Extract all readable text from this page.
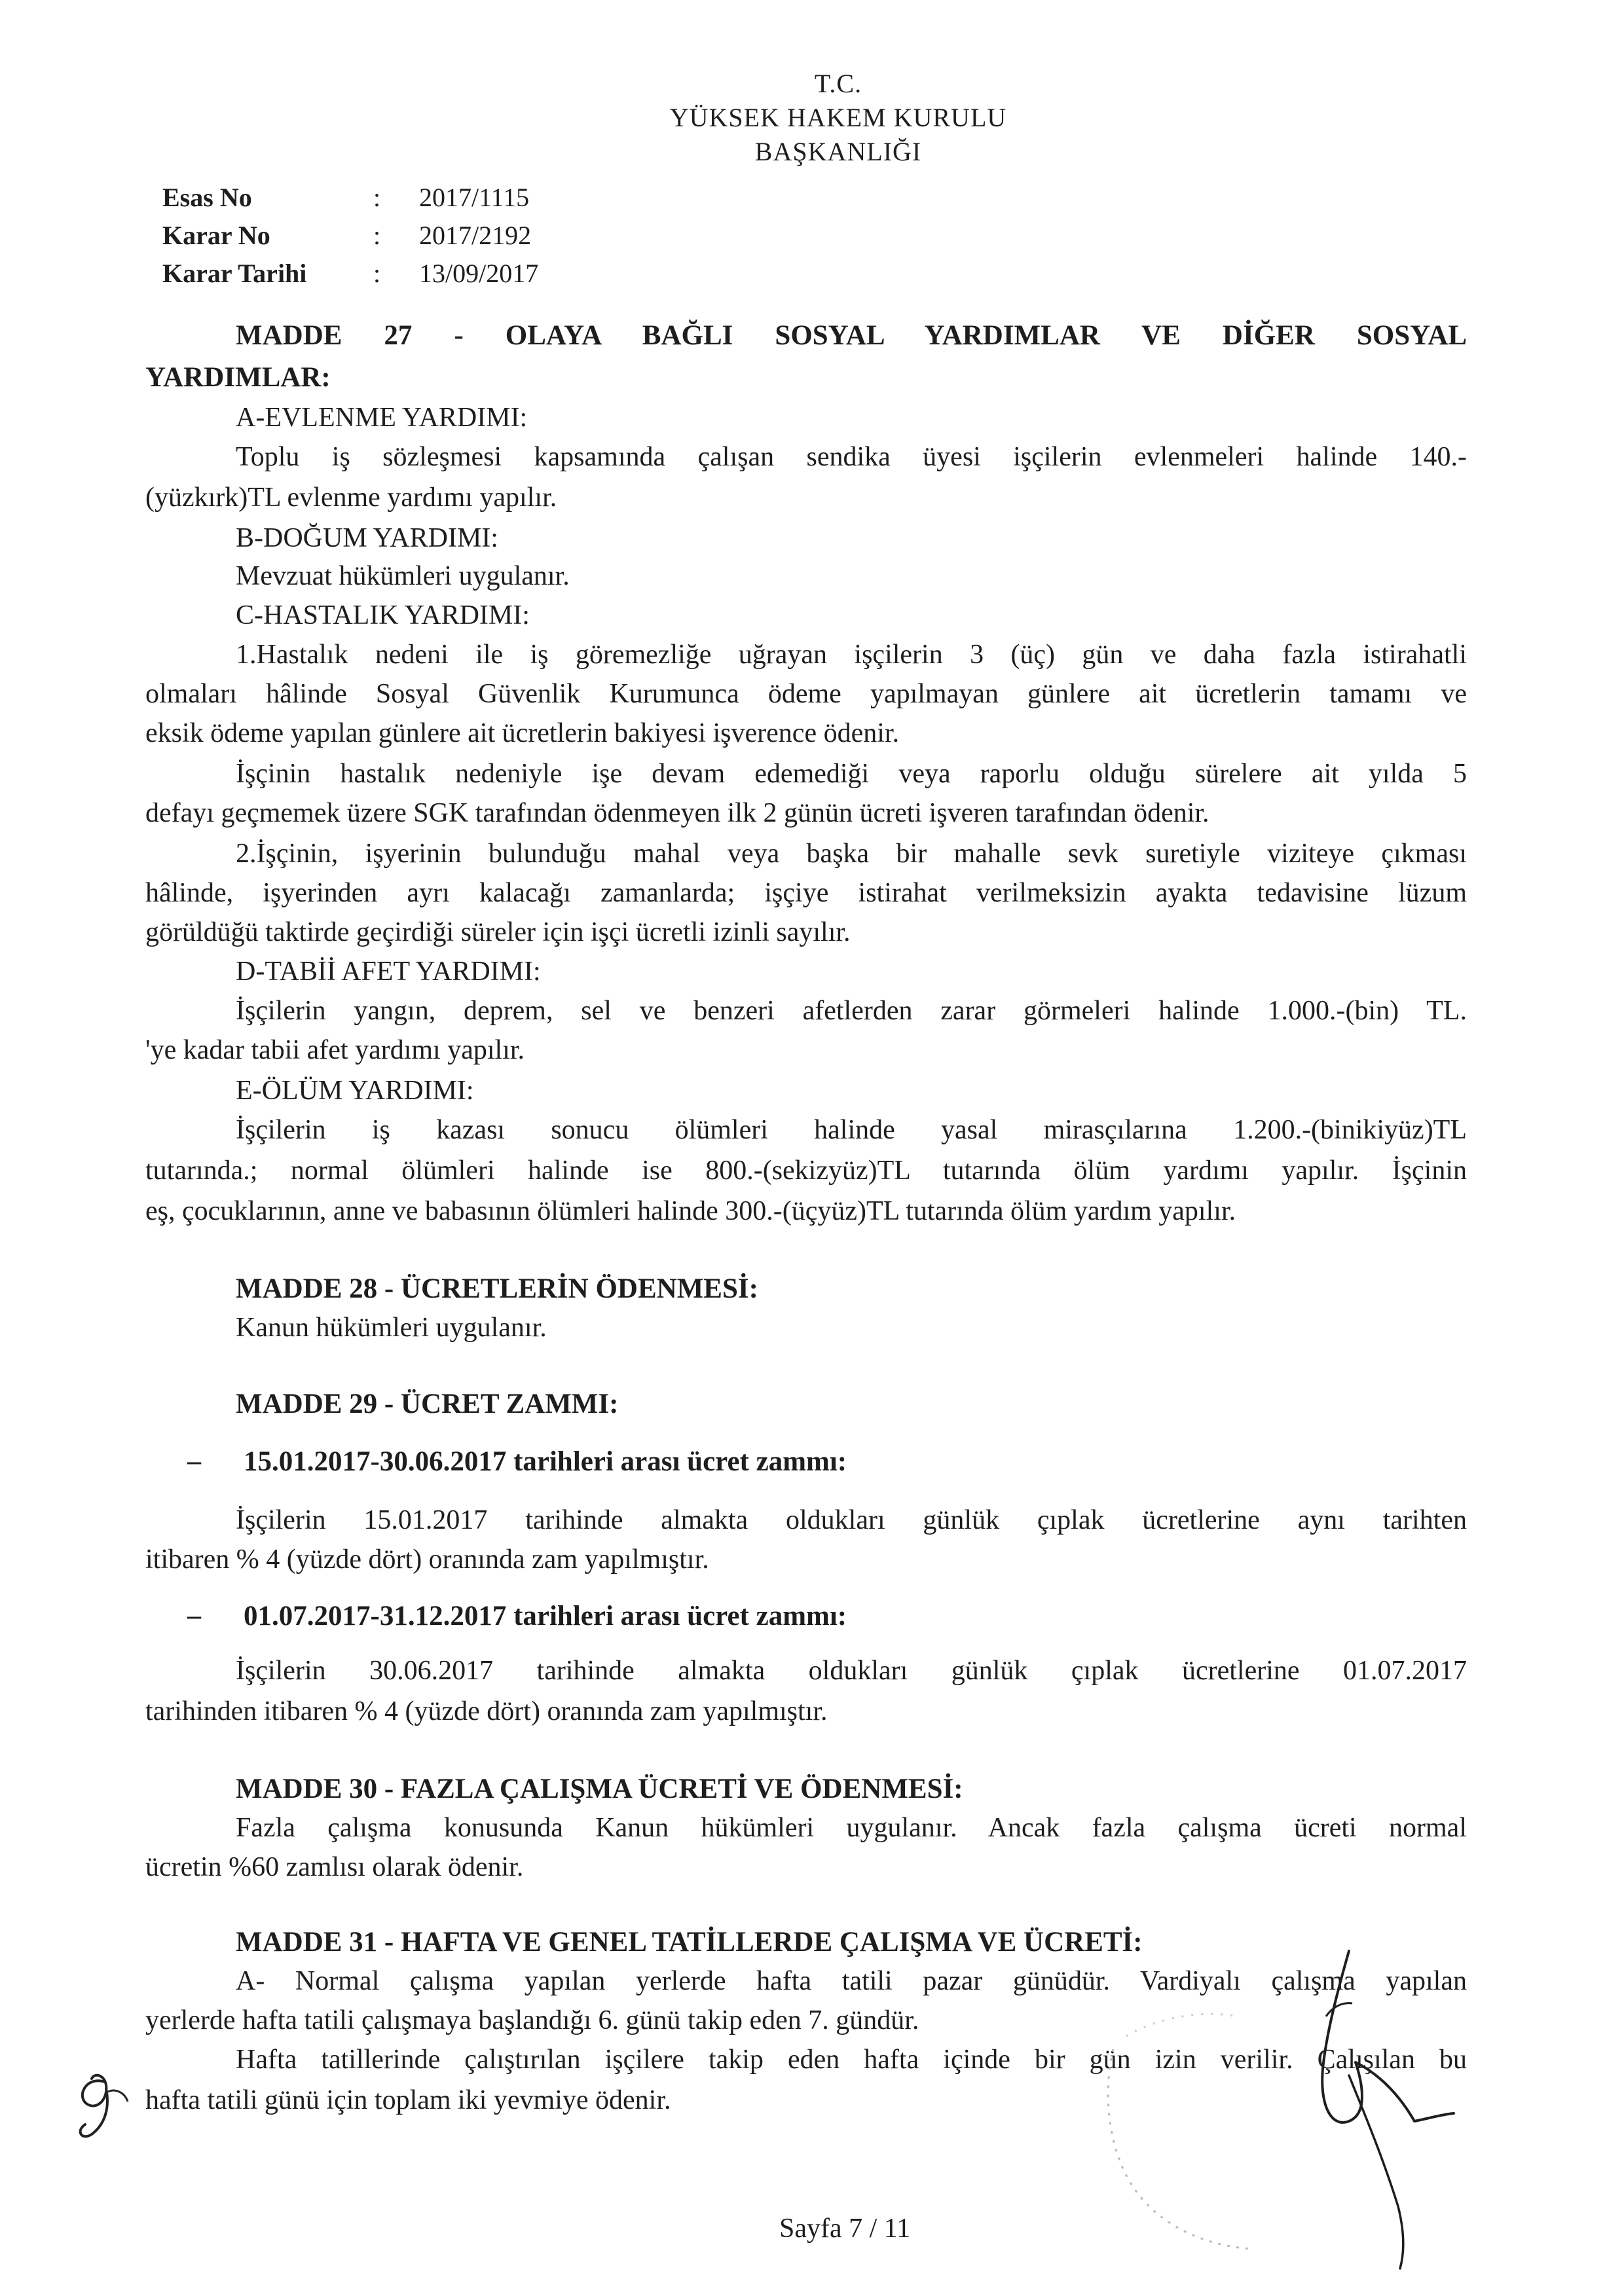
T.C.
YÜKSEK HAKEM KURULU
BAŞKANLIĞI
Esas No	: 2017/1115
Karar No	: 2017/2192
Karar Tarihi	: 13/09/2017
MADDE 27 - OLAYA BAĞLI SOSYAL YARDIMLAR VE DİĞER SOSYAL
YARDIMLAR:
A-EVLENME YARDIMI:
Toplu iş sözleşmesi kapsamında çalışan sendika üyesi işçilerin evlenmeleri halinde 140.-
(yüzkırk)TL evlenme yardımı yapılır.
B-DOĞUM YARDIMI:
Mevzuat hükümleri uygulanır.
C-HASTALIK YARDIMI:
1.Hastalık nedeni ile iş göremezliğe uğrayan işçilerin 3 (üç) gün ve daha fazla istirahatli
olmaları hâlinde Sosyal Güvenlik Kurumunca ödeme yapılmayan günlere ait ücretlerin tamamı ve
eksik ödeme yapılan günlere ait ücretlerin bakiyesi işverence ödenir.
İşçinin hastalık nedeniyle işe devam edemediği veya raporlu olduğu sürelere ait yılda 5
defayı geçmemek üzere SGK tarafından ödenmeyen ilk 2 günün ücreti işveren tarafından ödenir.
2.İşçinin, işyerinin bulunduğu mahal veya başka bir mahalle sevk suretiyle viziteye çıkması
hâlinde, işyerinden ayrı kalacağı zamanlarda; işçiye istirahat verilmeksizin ayakta tedavisine lüzum
görüldüğü taktirde geçirdiği süreler için işçi ücretli izinli sayılır.
D-TABİİ AFET YARDIMI:
İşçilerin yangın, deprem, sel ve benzeri afetlerden zarar görmeleri halinde 1.000.-(bin) TL.
'ye kadar tabii afet yardımı yapılır.
E-ÖLÜM YARDIMI:
İşçilerin iş kazası sonucu ölümleri halinde yasal mirasçılarına 1.200.-(binikiyüz)TL
tutarında.; normal ölümleri halinde ise 800.-(sekizyüz)TL tutarında ölüm yardımı yapılır. İşçinin
eş, çocuklarının, anne ve babasının ölümleri halinde 300.-(üçyüz)TL tutarında ölüm yardım yapılır.
MADDE 28 - ÜCRETLERİN ÖDENMESİ:
Kanun hükümleri uygulanır.
MADDE 29 - ÜCRET ZAMMI:
– 15.01.2017-30.06.2017 tarihleri arası ücret zammı:
İşçilerin 15.01.2017 tarihinde almakta oldukları günlük çıplak ücretlerine aynı tarihten
itibaren % 4 (yüzde dört) oranında zam yapılmıştır.
– 01.07.2017-31.12.2017 tarihleri arası ücret zammı:
İşçilerin 30.06.2017 tarihinde almakta oldukları günlük çıplak ücretlerine 01.07.2017
tarihinden itibaren % 4 (yüzde dört) oranında zam yapılmıştır.
MADDE 30 - FAZLA ÇALIŞMA ÜCRETİ VE ÖDENMESİ:
Fazla çalışma konusunda Kanun hükümleri uygulanır. Ancak fazla çalışma ücreti normal
ücretin %60 zamlısı olarak ödenir.
MADDE 31 - HAFTA VE GENEL TATİLLERDE ÇALIŞMA VE ÜCRETİ:
A- Normal çalışma yapılan yerlerde hafta tatili pazar günüdür. Vardiyalı çalışma yapılan
yerlerde hafta tatili çalışmaya başlandığı 6. günü takip eden 7. gündür.
Hafta tatillerinde çalıştırılan işçilere takip eden hafta içinde bir gün izin verilir. Çalışılan bu
hafta tatili günü için toplam iki yevmiye ödenir.
Sayfa 7 / 11
